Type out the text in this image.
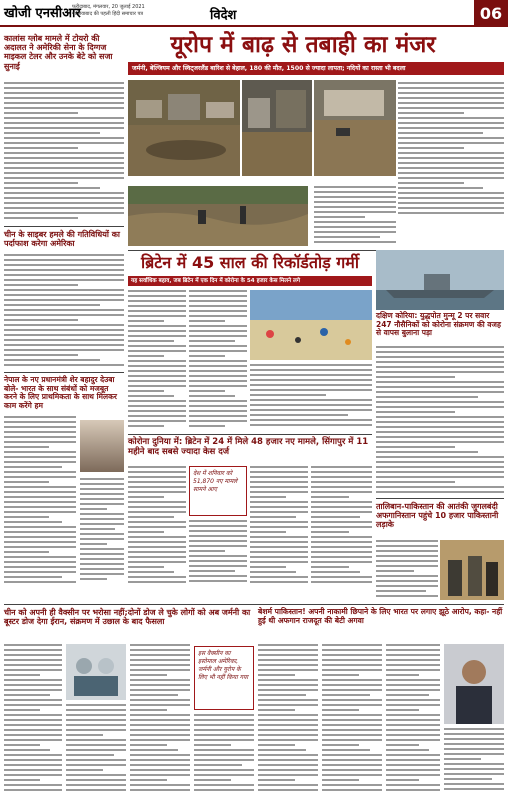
खोजी एनसीआर
फरीदाबाद, मंगलवार, 20 जुलाई 2021
गाज़ियाबाद की पहली हिंदी समाचार पत्र	विदेश	06
कालांस ग्लोब मामले में टोयरो की अदालत ने अमेरिकी सेना के दिग्गज माइकल टेलर और उनके बेटे को सजा सुनाई
चीन के साइबर हमले की गतिविधियों का पर्दाफाश करेगा अमेरिका
नेपाल के नए प्रधानमंत्री शेर बहादुर देउबा बोले- भारत के साथ संबंधों को मजबूत करने के लिए प्राथमिकता के साथ मिलकर काम करेंगे हम
यूरोप में बाढ़ से तबाही का मंजर
जर्मनी, बेल्जियम और स्विट्जरलैंड बारिश से बेहाल, 180 की मौत, 1500 से ज्यादा लापता; नदियों का रास्ता भी बदला
ब्रिटेन में 45 साल की रिकॉर्डतोड़ गर्मी
यह सर्वाधिक बहाव, जब ब्रिटेन में एक दिन में कोरोना के 54 हजार केस मिलने लगे
दक्षिण कोरिया: युद्धपोत मुन्मू 2 पर सवार 247 नौसैनिकों को कोरोना संक्रमण की वजह से वापस बुलाना पड़ा
कोरोना दुनिया में: ब्रिटेन में 24 में मिले 48 हजार नए मामले, सिंगापुर में 11 महीने बाद सबसे ज्यादा केस दर्ज
देश में शनिवार को 51,870 नए मामले सामने आए
तालिबान-पाकिस्तान की आतंकी जुगलबंदी अफगानिस्तान पहुंचे 10 हजार पाकिस्तानी लड़ाके
चीन को अपनी ही वैक्सीन पर भरोसा नहीं;दोनों डोज ले चुके लोगों को अब जर्मनी का बूस्टर डोज देगा ईरान, संक्रमण में उछाल के बाद फैसला
बेशर्म पाकिस्तान! अपनी नाकामी छिपाने के लिए भारत पर लगाए झूठे आरोप, कहा- नहीं हुई थी अफगान राजदूत की बेटी अगवा
इस वैक्सीन का इस्तेमाल अमेरिका, जर्मनी और यूरोप के लिए भी नहीं किया गया
